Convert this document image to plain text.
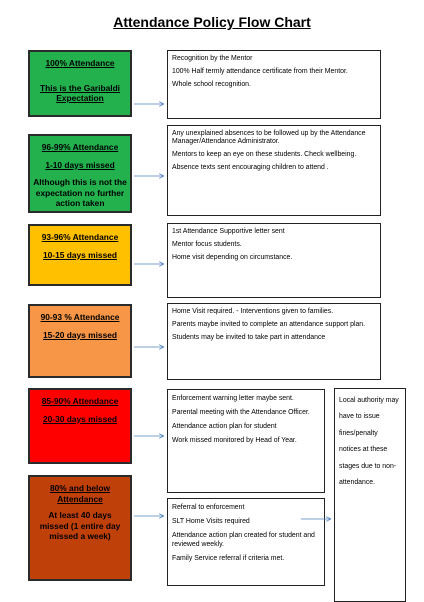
Attendance Policy Flow Chart
100% Attendance
This is the Garibaldi Expectation

Recognition by the Mentor

100% Half termly attendance certificate from their Mentor.

Whole school recognition.

96-99% Attendance
1-10 days missed
Although this is not the expectation no further action taken

Any unexplained absences to be followed up by the Attendance Manager/Attendance Administrator.

Mentors to keep an eye on these students. Check wellbeing.

Absence texts sent encouraging children to attend .

93-96% Attendance
10-15 days missed

1st Attendance Supportive letter sent

Mentor focus students.

Home visit depending on circumstance.

90-93 % Attendance
15-20 days missed

Home Visit required. - Interventions given to families.

Parents maybe invited to complete an attendance support plan.

Students may be invited to take part in attendance

85-90% Attendance
20-30 days missed

Enforcement warning letter maybe sent.

Parental meeting with the Attendance Officer.

Attendance action plan for student

Work missed monitored by Head of Year.

80% and below Attendance
At least 40 days missed (1 entire day missed a week)

Referral to enforcement

SLT Home Visits required

Attendance action plan created for student and reviewed weekly.

Family Service referral if criteria met.

Local authority may have to issue fines/penalty notices at these stages due to non-attendance.
